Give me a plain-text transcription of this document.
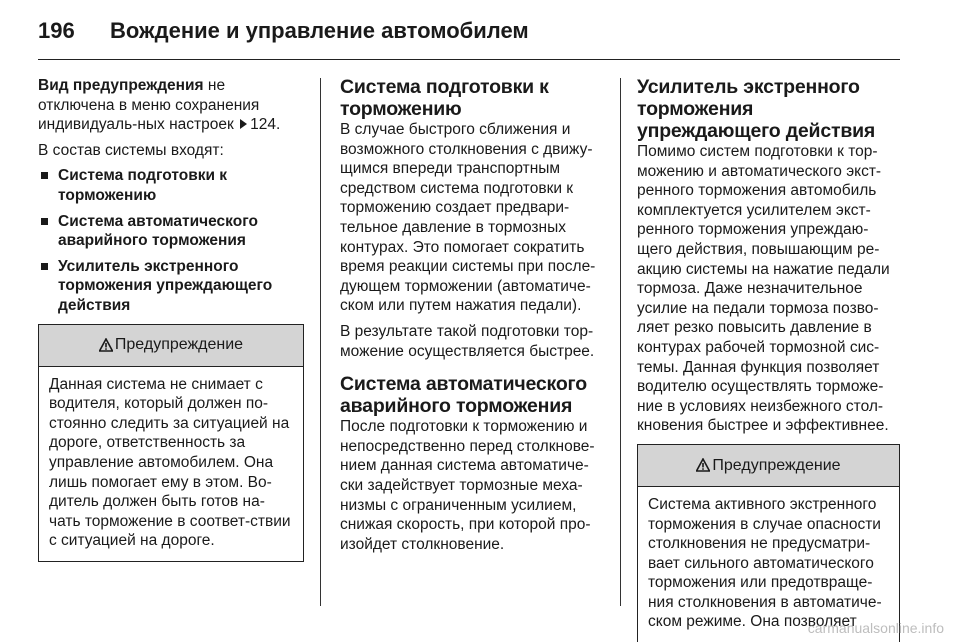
196 Вождение и управление автомобилем

Вид предупреждения не отключена в меню сохранения индивидуаль-ных настроек 124.

В состав системы входят:

Система подготовки к торможению
Система автоматического аварийного торможения
Усилитель экстренного торможения упреждающего действия
Предупреждение
Данная система не снимает с водителя, который должен по-стоянно следить за ситуацией на дороге, ответственность за управление автомобилем. Она лишь помогает ему в этом. Во-дитель должен быть готов на-чать торможение в соответ-ствии с ситуацией на дороге.
Система подготовки к торможению

В случае быстрого сближения и возможного столкновения с движу-щимся впереди транспортным средством система подготовки к торможению создает предвари-тельное давление в тормозных контурах. Это помогает сократить время реакции системы при после-дующем торможении (автоматиче-ском или путем нажатия педали).

В результате такой подготовки тор-можение осуществляется быстрее.

Система автоматического аварийного торможения

После подготовки к торможению и непосредственно перед столкнове-нием данная система автоматиче-ски задействует тормозные меха-низмы с ограниченным усилием, снижая скорость, при которой про-изойдет столкновение.

Усилитель экстренного торможения упреждающего действия

Помимо систем подготовки к тор-можению и автоматического экст-ренного торможения автомобиль комплектуется усилителем экст-ренного торможения упреждаю-щего действия, повышающим ре-акцию системы на нажатие педали тормоза. Даже незначительное усилие на педали тормоза позво-ляет резко повысить давление в контурах рабочей тормозной сис-темы. Данная функция позволяет водителю осуществлять торможе-ние в условиях неизбежного стол-кновения быстрее и эффективнее.

Предупреждение
Система активного экстренного торможения в случае опасности столкновения не предусматри-вает сильного автоматического торможения или предотвраще-ния столкновения в автоматиче-ском режиме. Она позволяет
carmanualsonline.info
